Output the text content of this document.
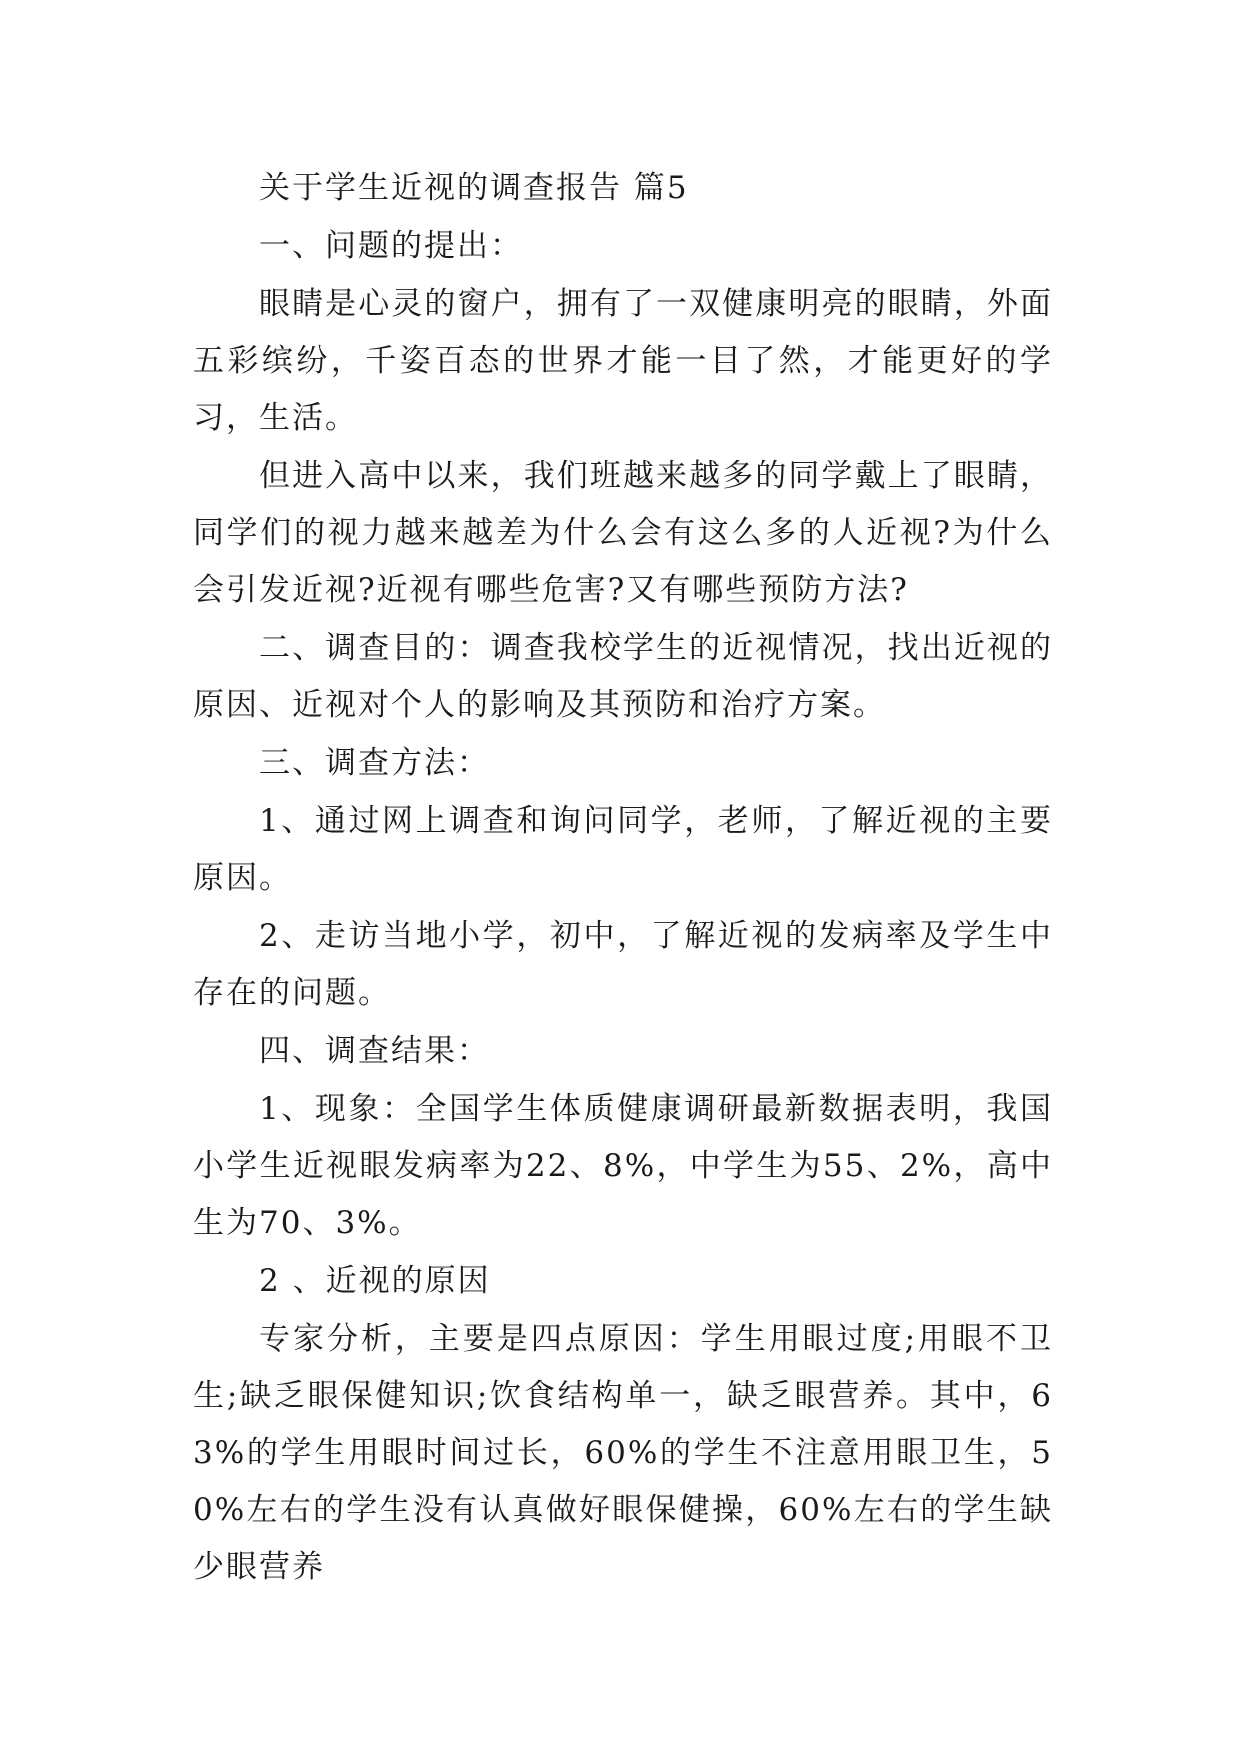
关于学生近视的调查报告 篇5

一、问题的提出：

眼睛是心灵的窗户，拥有了一双健康明亮的眼睛，外面五彩缤纷，千姿百态的世界才能一目了然，才能更好的学习，生活。

但进入高中以来，我们班越来越多的同学戴上了眼睛，同学们的视力越来越差为什么会有这么多的人近视?为什么会引发近视?近视有哪些危害?又有哪些预防方法?

二、调查目的：调查我校学生的近视情况，找出近视的原因、近视对个人的影响及其预防和治疗方案。

三、调查方法：

1、通过网上调查和询问同学，老师，了解近视的主要原因。

2、走访当地小学，初中，了解近视的发病率及学生中存在的问题。

四、调查结果：

1、现象：全国学生体质健康调研最新数据表明，我国小学生近视眼发病率为22、8%，中学生为55、2%，高中生为70、3%。

2 、近视的原因

专家分析，主要是四点原因：学生用眼过度;用眼不卫生;缺乏眼保健知识;饮食结构单一，缺乏眼营养。其中，63%的学生用眼时间过长，60%的学生不注意用眼卫生，50%左右的学生没有认真做好眼保健操，60%左右的学生缺少眼营养
